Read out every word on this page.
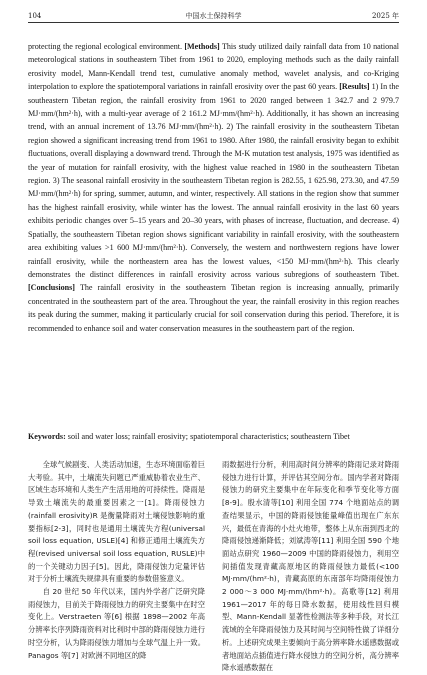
104	中国水土保持科学	2025 年

protecting the regional ecological environment. [Methods] This study utilized daily rainfall data from 10 national meteorological stations in southeastern Tibet from 1961 to 2020, employing methods such as the daily rainfall erosivity model, Mann-Kendall trend test, cumulative anomaly method, wavelet analysis, and co-Kriging interpolation to explore the spatiotemporal variations in rainfall erosivity over the past 60 years. [Results] 1) In the southeastern Tibetan region, the rainfall erosivity from 1961 to 2020 ranged between 1 342.7 and 2 979.7 MJ·mm/(hm²·h), with a multi-year average of 2 161.2 MJ·mm/(hm²·h). Additionally, it has shown an increasing trend, with an annual increment of 13.76 MJ·mm/(hm²·h). 2) The rainfall erosivity in the southeastern Tibetan region showed a significant increasing trend from 1961 to 1980. After 1980, the rainfall erosivity began to exhibit fluctuations, overall displaying a downward trend. Through the M-K mutation test analysis, 1975 was identified as the year of mutation for rainfall erosivity, with the highest value reached in 1980 in the southeastern Tibetan region. 3) The seasonal rainfall erosivity in the southeastern Tibetan region is 282.55, 1 625.98, 273.30, and 47.59 MJ·mm/(hm²·h) for spring, summer, autumn, and winter, respectively. All stations in the region show that summer has the highest rainfall erosivity, while winter has the lowest. The annual rainfall erosivity in the last 60 years exhibits periodic changes over 5–15 years and 20–30 years, with phases of increase, fluctuation, and decrease. 4) Spatially, the southeastern Tibetan region shows significant variability in rainfall erosivity, with the southeastern area exhibiting values >1 600 MJ·mm/(hm²·h). Conversely, the western and northwestern regions have lower rainfall erosivity, while the northeastern area has the lowest values, <150 MJ·mm/(hm²·h). This clearly demonstrates the distinct differences in rainfall erosivity across various subregions of southeastern Tibet. [Conclusions] The rainfall erosivity in the southeastern Tibetan region is increasing annually, primarily concentrated in the southeastern part of the area. Throughout the year, the rainfall erosivity in this region reaches its peak during the summer, making it particularly crucial for soil conservation during this period. Therefore, it is recommended to enhance soil and water conservation measures in the southeastern part of the region.

Keywords: soil and water loss; rainfall erosivity; spatiotemporal characteristics; southeastern Tibet

全球气候剧变、人类活动加速，生态环境面临着巨大考验。其中，土壤流失问题已严重威胁着农业生产、区域生态环境和人类生产生活用地的可持续性。降雨是导致土壤流失的最重要因素之一[1]。降雨侵蚀力(rainfall erosivity)R 是衡量降雨对土壤侵蚀影响的重要指标[2-3]，同时也是通用土壤流失方程(universal soil loss equation, USLE)[4] 和修正通用土壤流失方程(revised universal soil loss equation, RUSLE)中的一个关键动力因子[5]。因此，降雨侵蚀力定量评估对于分析土壤流失规律具有重要的参数借鉴意义。

自 20 世纪 50 年代以来，国内外学者广泛研究降雨侵蚀力，目前关于降雨侵蚀力的研究主要集中在时空变化上。Verstraeten 等[6] 根据 1898—2002 年高分辨率长序列降雨资料对比利时中部的降雨侵蚀力进行时空分析，认为降雨侵蚀力增加与全球气温上升一致。Panagos 等[7] 对欧洲不同地区的降

雨数据进行分析，利用高时间分辨率的降雨记录对降雨侵蚀力进行计算，并评估其空间分布。国内学者对降雨侵蚀力的研究主要集中在年际变化和季节变化等方面[8-9]。殷水清等[10] 利用全国 774 个地面站点的调查结果显示，中国的降雨侵蚀能量峰值出现在广东东兴，最低在青海的小灶火地带，整体上从东南到西北的降雨侵蚀递渐降低；刘斌涛等[11] 利用全国 590 个地面站点研究 1960—2009 中国的降雨侵蚀力，利用空间插值发现青藏高原地区的降雨侵蚀力最低(<100 MJ·mm/(hm²·h)，青藏高原的东南部年均降雨侵蚀力 2 000～3 000 MJ·mm/(hm²·h)。高歌等[12] 利用 1961—2017 年的每日降水数据，使用线性回归模型、Mann-Kendall 显著性检测法等多种手段，对长江流域的全年降雨侵蚀力及其时间与空间特性做了详细分析。上述研究成果主要倾向于高分辨率降水遥感数据或者地面站点插值进行降水侵蚀力的空间分析，高分辨率降水遥感数据在
